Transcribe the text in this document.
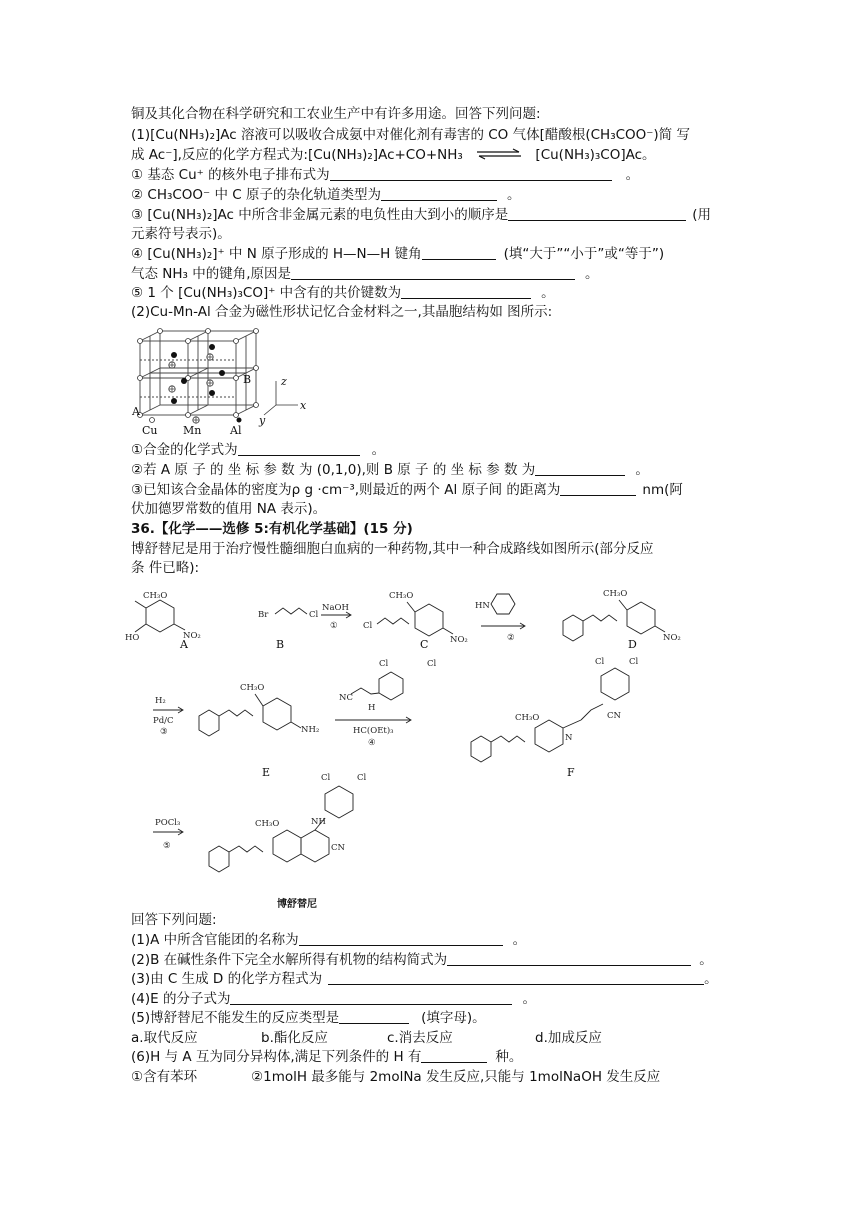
铜及其化合物在科学研究和工农业生产中有许多用途。回答下列问题:
(1)[Cu(NH₃)₂]Ac 溶液可以吸收合成氨中对催化剂有毒害的 CO 气体[醋酸根(CH₃COO⁻)简 写
成 Ac⁻],反应的化学方程式为:[Cu(NH₃)₂]Ac+CO+NH₃ ⇌ [Cu(NH₃)₃CO]Ac。
① 基态 Cu⁺ 的核外电子排布式为	。
② CH₃COO⁻ 中 C 原子的杂化轨道类型为	。
③ [Cu(NH₃)₂]Ac 中所含非金属元素的电负性由大到小的顺序是	(用
元素符号表示)。
④ [Cu(NH₃)₂]⁺ 中 N 原子形成的 H—N—H 键角	(填“大于”“小于”或“等于”)
气态 NH₃ 中的键角,原因是	。
⑤ 1 个 [Cu(NH₃)₃CO]⁺ 中含有的共价键数为	。
(2)Cu-Mn-Al 合金为磁性形状记忆合金材料之一,其晶胞结构如 图所示:
A
B	z
x
y
Cu Mn	Al
①合金的化学式为	。
②若 A 原 子 的 坐 标 参 数 为 (0,1,0),则 B 原 子 的 坐 标 参 数 为	。
③已知该合金晶体的密度为ρ g ·cm⁻³,则最近的两个 Al 原子间 的距离为	nm(阿
伏加德罗常数的值用 NA 表示)。
36.【化学——选修 5:有机化学基础】(15 分)
博舒替尼是用于治疗慢性髓细胞白血病的一种药物,其中一种合成路线如图所示(部分反应
条 件已略):
CH₃O
HO	NO₂
Br	Cl
NaOH
①	Cl
CH₃O
NO₂
HN
②
CH₃O
NO₂
H₂
Pd/C
③
CH₃O
NH₂
Cl	Cl
NC
H
HC(OEt)₃
④
CH₃O
N
Cl	Cl
CN
POCl₃
⑤
Cl	Cl
NH
CH₃O
CN
A	B	C	D
E	F
博舒替尼
回答下列问题:
(1)A 中所含官能团的名称为	。
(2)B 在碱性条件下完全水解所得有机物的结构简式为	。
(3)由 C 生成 D 的化学方程式为	。
(4)E 的分子式为	。
(5)博舒替尼不能发生的反应类型是	(填字母)。
a.取代反应	b.酯化反应	c.消去反应	d.加成反应
(6)H 与 A 互为同分异构体,满足下列条件的 H 有	种。
①含有苯环	②1molH 最多能与 2molNa 发生反应,只能与 1molNaOH 发生反应
